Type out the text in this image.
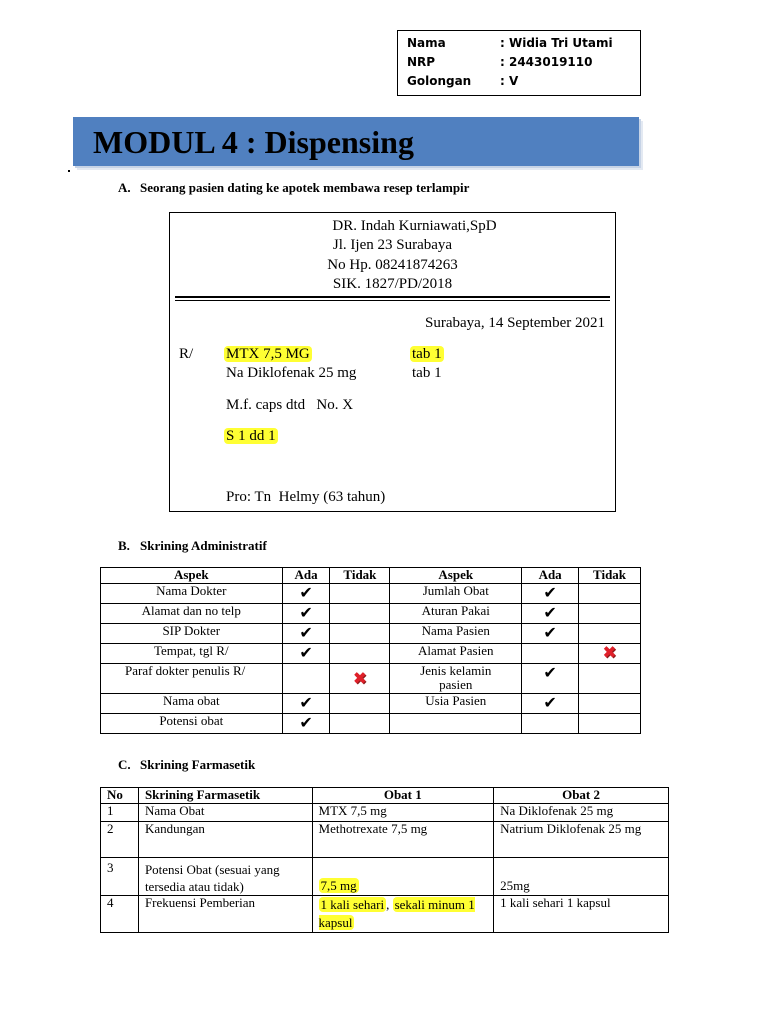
Nama	: Widia Tri Utami
NRP	: 2443019110
Golongan : V
MODUL 4 : Dispensing
A. Seorang pasien dating ke apotek membawa resep terlampir
DR. Indah Kurniawati,SpD
Jl. Ijen 23 Surabaya
No Hp. 08241874263
SIK. 1827/PD/2018
Surabaya, 14 September 2021
R/ MTX 7,5 MG	tab 1
Na Diklofenak 25 mg	tab 1
M.f. caps dtd   No. X
S 1 dd 1
Pro: Tn  Helmy (63 tahun)
B. Skrining Administratif
Aspek	Ada	Tidak	Aspek	Ada	Tidak
Nama Dokter	✔		Jumlah Obat	✔	
Alamat dan no telp	✔		Aturan Pakai	✔	
SIP Dokter	✔		Nama Pasien	✔	
Tempat, tgl R/	✔		Alamat Pasien		✖
Paraf dokter penulis R/		✖	Jenis kelamin pasien	✔	
Nama obat	✔		Usia Pasien	✔	
Potensi obat	✔				
C. Skrining Farmasetik
No	Skrining Farmasetik	Obat 1	Obat 2
1	Nama Obat	MTX 7,5 mg	Na Diklofenak 25 mg
2	Kandungan	Methotrexate 7,5 mg	Natrium Diklofenak 25 mg
3	Potensi Obat (sesuai yang tersedia atau tidak)	7,5 mg	25mg
4	Frekuensi Pemberian	1 kali sehari , sekali minum 1 kapsul	1 kali sehari 1 kapsul
